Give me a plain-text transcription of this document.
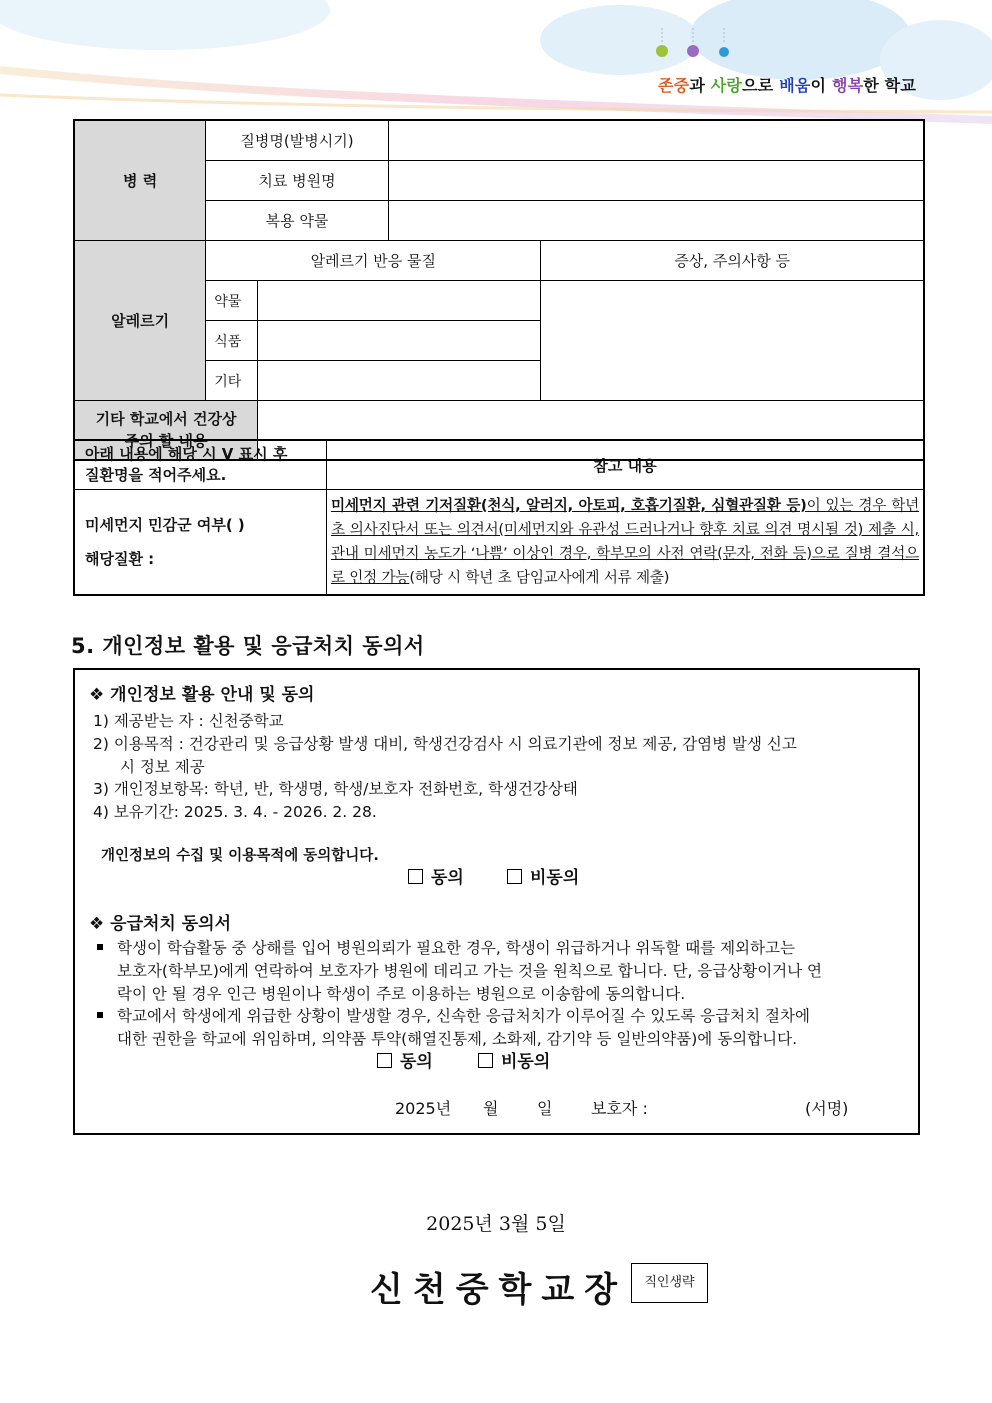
존중과 사랑으로 배움이 행복한 학교
병 력	질병명(발병시기)			
	치료 병원명			
	복용 약물			
알레르기	알레르기 반응 물질			증상, 주의사항 등
	약물			
	식품			
	기타			
기타 학교에서 건강상
주의 할 내용				
아래 내용에 해당 시 V 표시 후
질환명을 적어주세요.	참고 내용
미세먼지 민감군 여부( )
해당질환 :	미세먼지 관련 기저질환(천식, 알러지, 아토피, 호흡기질환, 심혈관질환 등)이 있는 경우 학년 초 의사진단서 또는 의견서(미세먼지와 유관성 드러나거나 향후 치료 의견 명시될 것) 제출 시, 관내 미세먼지 농도가 ‘나쁨’ 이상인 경우, 학부모의 사전 연락(문자, 전화 등)으로 질병 결석으로 인정 가능(해당 시 학년 초 담임교사에게 서류 제출)
5. 개인정보 활용 및 응급처치 동의서
❖ 개인정보 활용 안내 및 동의
1) 제공받는 자 : 신천중학교
2) 이용목적 : 건강관리 및 응급상황 발생 대비, 학생건강검사 시 의료기관에 정보 제공, 감염병 발생 신고
시 정보 제공
3) 개인정보항목: 학년, 반, 학생명, 학생/보호자 전화번호, 학생건강상태
4) 보유기간: 2025. 3. 4. - 2026. 2. 28.
개인정보의 수집 및 이용목적에 동의합니다.
동의	비동의
❖ 응급처치 동의서
학생이 학습활동 중 상해를 입어 병원의뢰가 필요한 경우, 학생이 위급하거나 위독할 때를 제외하고는
보호자(학부모)에게 연락하여 보호자가 병원에 데리고 가는 것을 원칙으로 합니다. 단, 응급상황이거나 연
락이 안 될 경우 인근 병원이나 학생이 주로 이용하는 병원으로 이송함에 동의합니다.
학교에서 학생에게 위급한 상황이 발생할 경우, 신속한 응급처치가 이루어질 수 있도록 응급처치 절차에
대한 권한을 학교에 위임하며, 의약품 투약(해열진통제, 소화제, 감기약 등 일반의약품)에 동의합니다.
동의	비동의
2025년 월 일 보호자 :	(서명)
2025년 3월 5일
신천중학교장	직인생략
